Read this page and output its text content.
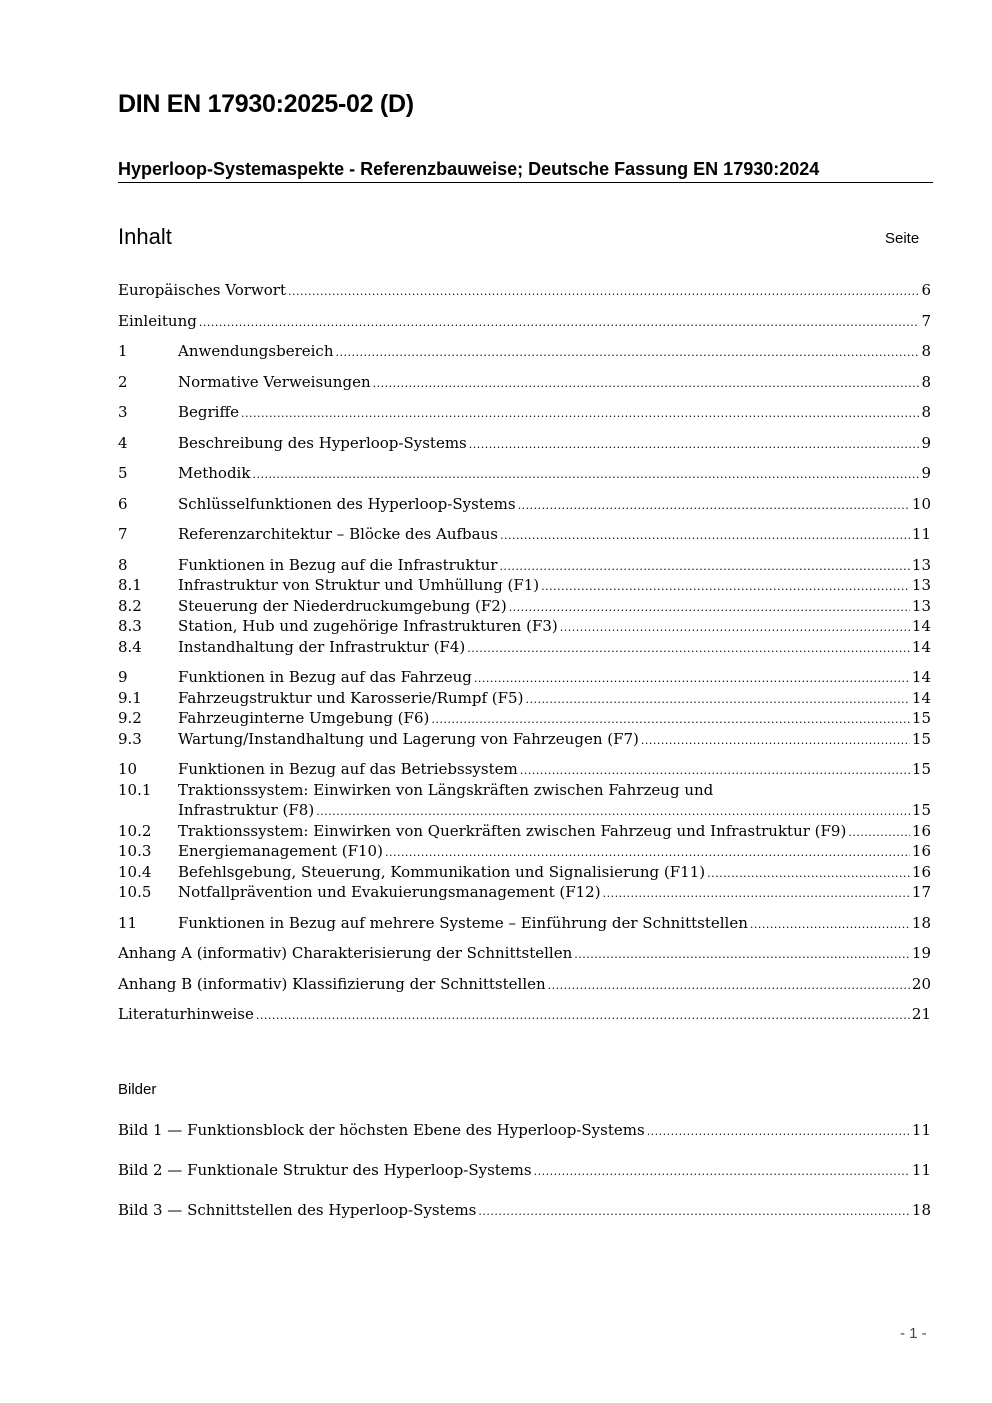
DIN EN 17930:2025-02 (D)
Hyperloop-Systemaspekte - Referenzbauweise; Deutsche Fassung EN 17930:2024
Inhalt	Seite
Europäisches Vorwort .....	6
Einleitung .....	7
1	Anwendungsbereich .....	8
2	Normative Verweisungen .....	8
3	Begriffe .....	8
4	Beschreibung des Hyperloop-Systems .....	9
5	Methodik .....	9
6	Schlüsselfunktionen des Hyperloop-Systems .....	10
7	Referenzarchitektur – Blöcke des Aufbaus .....	11
8	Funktionen in Bezug auf die Infrastruktur .....	13
8.1	Infrastruktur von Struktur und Umhüllung (F1) .....	13
8.2	Steuerung der Niederdruckumgebung (F2) .....	13
8.3	Station, Hub und zugehörige Infrastrukturen (F3) .....	14
8.4	Instandhaltung der Infrastruktur (F4) .....	14
9	Funktionen in Bezug auf das Fahrzeug .....	14
9.1	Fahrzeugstruktur und Karosserie/Rumpf (F5) .....	14
9.2	Fahrzeuginterne Umgebung (F6) .....	15
9.3	Wartung/Instandhaltung und Lagerung von Fahrzeugen (F7) .....	15
10	Funktionen in Bezug auf das Betriebssystem .....	15
10.1	Traktionssystem: Einwirken von Längskräften zwischen Fahrzeug und
Infrastruktur (F8) .....	15
10.2	Traktionssystem: Einwirken von Querkräften zwischen Fahrzeug und Infrastruktur (F9) .....	16
10.3	Energiemanagement (F10) .....	16
10.4	Befehlsgebung, Steuerung, Kommunikation und Signalisierung (F11) .....	16
10.5	Notfallprävention und Evakuierungsmanagement (F12) .....	17
11	Funktionen in Bezug auf mehrere Systeme – Einführung der Schnittstellen .....	18
Anhang A (informativ) Charakterisierung der Schnittstellen .....	19
Anhang B (informativ) Klassifizierung der Schnittstellen .....	20
Literaturhinweise .....	21
Bilder
Bild 1 — Funktionsblock der höchsten Ebene des Hyperloop-Systems .....	11
Bild 2 — Funktionale Struktur des Hyperloop-Systems .....	11
Bild 3 — Schnittstellen des Hyperloop-Systems .....	18
- 1 -
